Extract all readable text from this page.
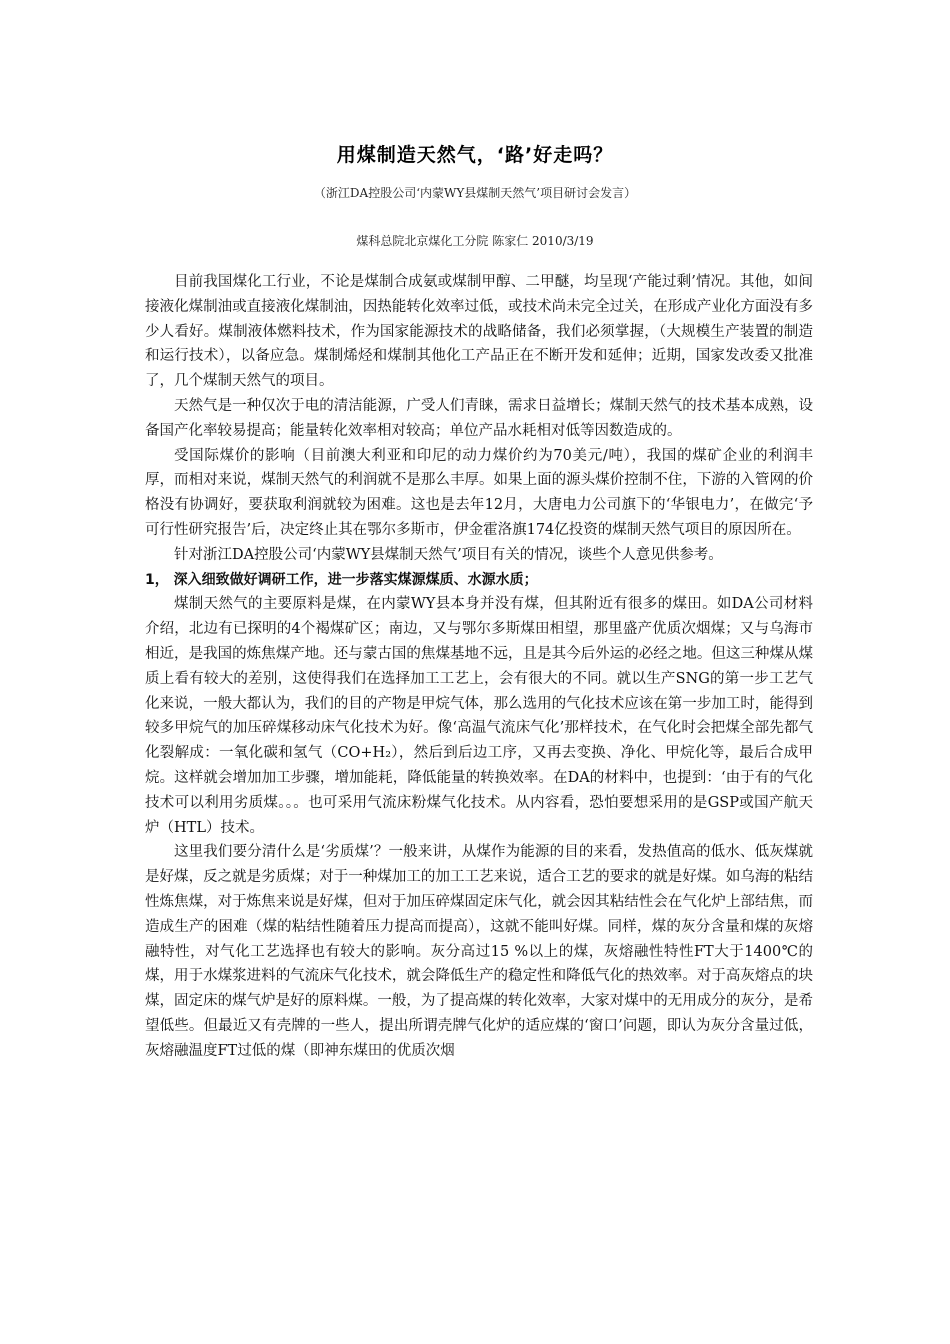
用煤制造天然气，‘路’好走吗？
（浙江DA控股公司‘内蒙WY县煤制天然气’项目研讨会发言）
煤科总院北京煤化工分院 陈家仁 2010/3/19

目前我国煤化工行业，不论是煤制合成氨或煤制甲醇、二甲醚，均呈现‘产能过剩’情况。其他，如间接液化煤制油或直接液化煤制油，因热能转化效率过低，或技术尚未完全过关，在形成产业化方面没有多少人看好。煤制液体燃料技术，作为国家能源技术的战略储备，我们必须掌握，（大规模生产装置的制造和运行技术），以备应急。煤制烯烃和煤制其他化工产品正在不断开发和延伸；近期，国家发改委又批准了，几个煤制天然气的项目。

天然气是一种仅次于电的清洁能源，广受人们青睐，需求日益增长；煤制天然气的技术基本成熟，设备国产化率较易提高；能量转化效率相对较高；单位产品水耗相对低等因数造成的。

受国际煤价的影响（目前澳大利亚和印尼的动力煤价约为70美元/吨），我国的煤矿企业的利润丰厚，而相对来说，煤制天然气的利润就不是那么丰厚。如果上面的源头煤价控制不住，下游的入管网的价格没有协调好，要获取利润就较为困难。这也是去年12月，大唐电力公司旗下的‘华银电力’，在做完‘予可行性研究报告’后，决定终止其在鄂尔多斯市，伊金霍洛旗174亿投资的煤制天然气项目的原因所在。

针对浙江DA控股公司‘内蒙WY县煤制天然气’项目有关的情况，谈些个人意见供参考。

1， 深入细致做好调研工作，进一步落实煤源煤质、水源水质；

煤制天然气的主要原料是煤，在内蒙WY县本身并没有煤，但其附近有很多的煤田。如DA公司材料介绍，北边有已探明的4个褐煤矿区；南边，又与鄂尔多斯煤田相望，那里盛产优质次烟煤；又与乌海市相近，是我国的炼焦煤产地。还与蒙古国的焦煤基地不远，且是其今后外运的必经之地。但这三种煤从煤质上看有较大的差别，这使得我们在选择加工工艺上，会有很大的不同。就以生产SNG的第一步工艺气化来说，一般大都认为，我们的目的产物是甲烷气体，那么选用的气化技术应该在第一步加工时，能得到较多甲烷气的加压碎煤移动床气化技术为好。像‘高温气流床气化’那样技术，在气化时会把煤全部先都气化裂解成：一氧化碳和氢气（CO+H₂），然后到后边工序，又再去变换、净化、甲烷化等，最后合成甲烷。这样就会增加加工步骤，增加能耗，降低能量的转换效率。在DA的材料中，也提到：‘由于有的气化技术可以利用劣质煤。。。也可采用气流床粉煤气化技术。从内容看，恐怕要想采用的是GSP或国产航天炉（HTL）技术。

这里我们要分清什么是‘劣质煤’？一般来讲，从煤作为能源的目的来看，发热值高的低水、低灰煤就是好煤，反之就是劣质煤；对于一种煤加工的加工工艺来说，适合工艺的要求的就是好煤。如乌海的粘结性炼焦煤，对于炼焦来说是好煤，但对于加压碎煤固定床气化，就会因其粘结性会在气化炉上部结焦，而造成生产的困难（煤的粘结性随着压力提高而提高），这就不能叫好煤。同样，煤的灰分含量和煤的灰熔融特性，对气化工艺选择也有较大的影响。灰分高过15 %以上的煤，灰熔融性特性FT大于1400℃的煤，用于水煤浆进料的气流床气化技术，就会降低生产的稳定性和降低气化的热效率。对于高灰熔点的块煤，固定床的煤气炉是好的原料煤。一般，为了提高煤的转化效率，大家对煤中的无用成分的灰分，是希望低些。但最近又有壳牌的一些人，提出所谓壳牌气化炉的适应煤的‘窗口’问题，即认为灰分含量过低，灰熔融温度FT过低的煤（即神东煤田的优质次烟
